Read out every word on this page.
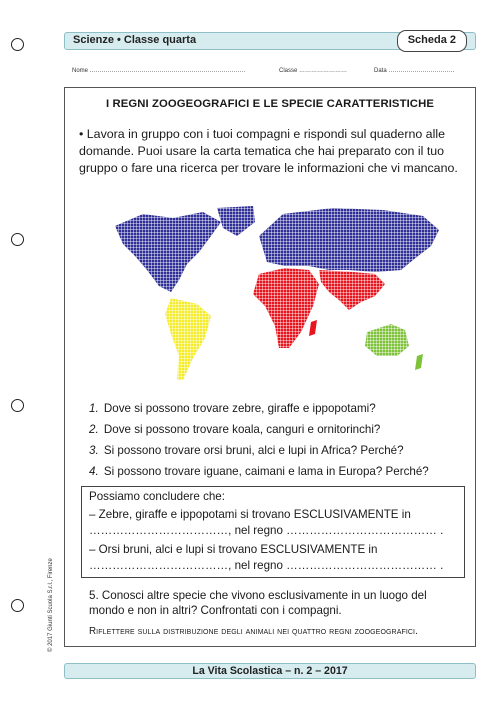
Scienze • Classe quarta	Scheda 2
Nome ……………………………………………………………………	Classe ……………………	Data ……………………………
I REGNI ZOOGEOGRAFICI E LE SPECIE CARATTERISTICHE
• Lavora in gruppo con i tuoi compagni e rispondi sul quaderno alle domande. Puoi usare la carta tematica che hai preparato con il tuo gruppo o fare una ricerca per trovare le informazioni che vi mancano.
1. Dove si possono trovare zebre, giraffe e ippopotami?
2. Dove si possono trovare koala, canguri e ornitorinchi?
3. Si possono trovare orsi bruni, alci e lupi in Africa? Perché?
4. Si possono trovare iguane, caimani e lama in Europa? Perché?
Possiamo concludere che:
– Zebre, giraffe e ippopotami si trovano ESCLUSIVAMENTE in
………………………………, nel regno ………………………………… .
– Orsi bruni, alci e lupi si trovano ESCLUSIVAMENTE in
………………………………, nel regno ………………………………… .
5. Conosci altre specie che vivono esclusivamente in un luogo del
mondo e non in altri? Confrontati con i compagni.
Riflettere sulla distribuzione degli animali nei quattro regni zoogeografici.
© 2017 Giunti Scuola S.r.l., Firenze
La Vita Scolastica – n. 2 – 2017
